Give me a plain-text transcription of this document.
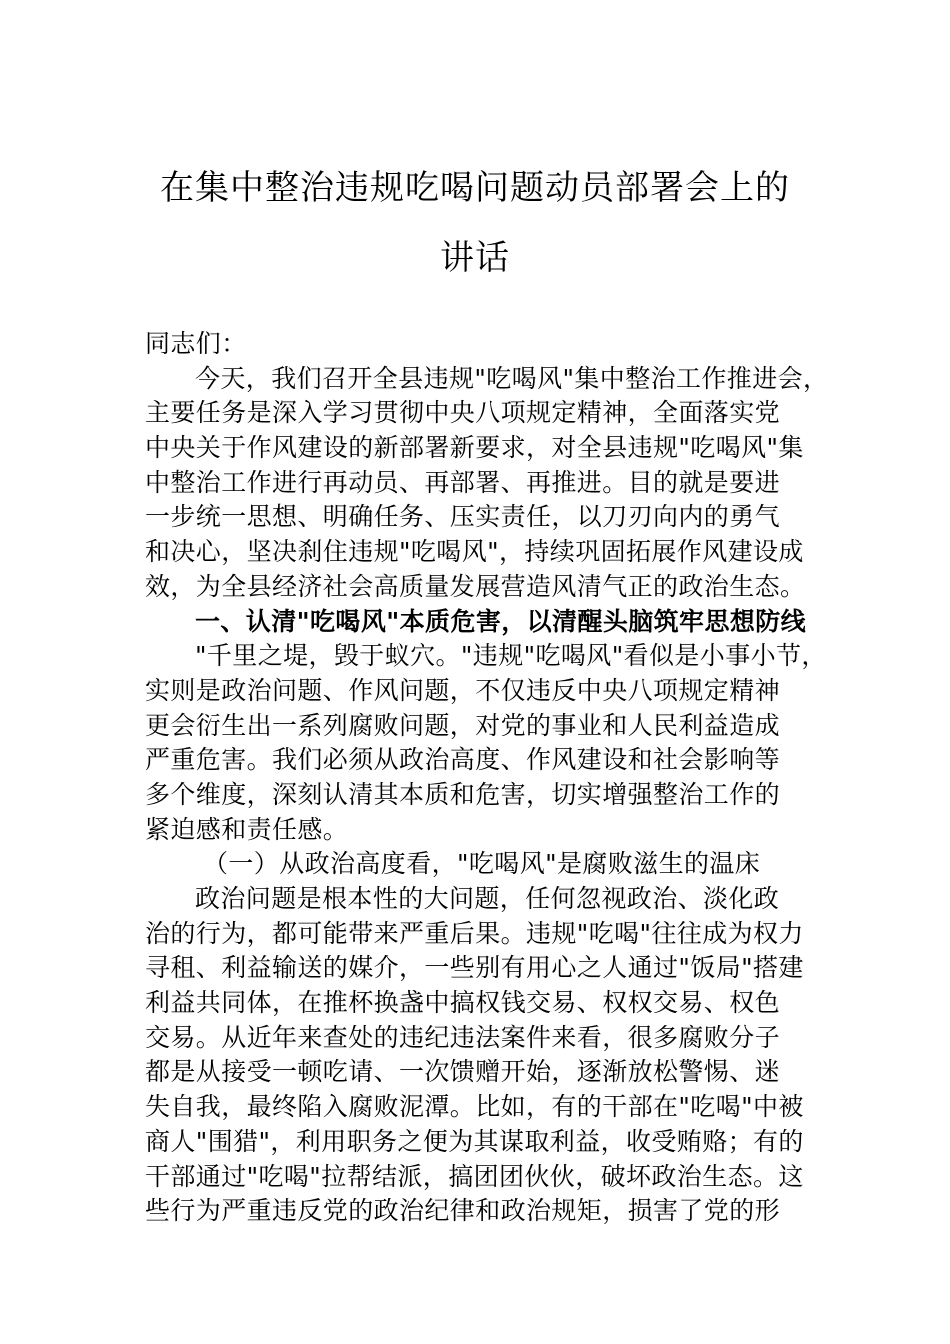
在集中整治违规吃喝问题动员部署会上的
讲话
同志们：
今天，我们召开全县违规"吃喝风"集中整治工作推进会，
主要任务是深入学习贯彻中央八项规定精神，全面落实党
中央关于作风建设的新部署新要求，对全县违规"吃喝风"集
中整治工作进行再动员、再部署、再推进。目的就是要进
一步统一思想、明确任务、压实责任，以刀刃向内的勇气
和决心，坚决刹住违规"吃喝风"，持续巩固拓展作风建设成
效，为全县经济社会高质量发展营造风清气正的政治生态。
一、认清"吃喝风"本质危害，以清醒头脑筑牢思想防线
"千里之堤，毁于蚁穴。"违规"吃喝风"看似是小事小节，
实则是政治问题、作风问题，不仅违反中央八项规定精神
更会衍生出一系列腐败问题，对党的事业和人民利益造成
严重危害。我们必须从政治高度、作风建设和社会影响等
多个维度，深刻认清其本质和危害，切实增强整治工作的
紧迫感和责任感。
（一）从政治高度看，"吃喝风"是腐败滋生的温床
政治问题是根本性的大问题，任何忽视政治、淡化政
治的行为，都可能带来严重后果。违规"吃喝"往往成为权力
寻租、利益输送的媒介，一些别有用心之人通过"饭局"搭建
利益共同体，在推杯换盏中搞权钱交易、权权交易、权色
交易。从近年来查处的违纪违法案件来看，很多腐败分子
都是从接受一顿吃请、一次馈赠开始，逐渐放松警惕、迷
失自我，最终陷入腐败泥潭。比如，有的干部在"吃喝"中被
商人"围猎"，利用职务之便为其谋取利益，收受贿赂；有的
干部通过"吃喝"拉帮结派，搞团团伙伙，破坏政治生态。这
些行为严重违反党的政治纪律和政治规矩，损害了党的形
